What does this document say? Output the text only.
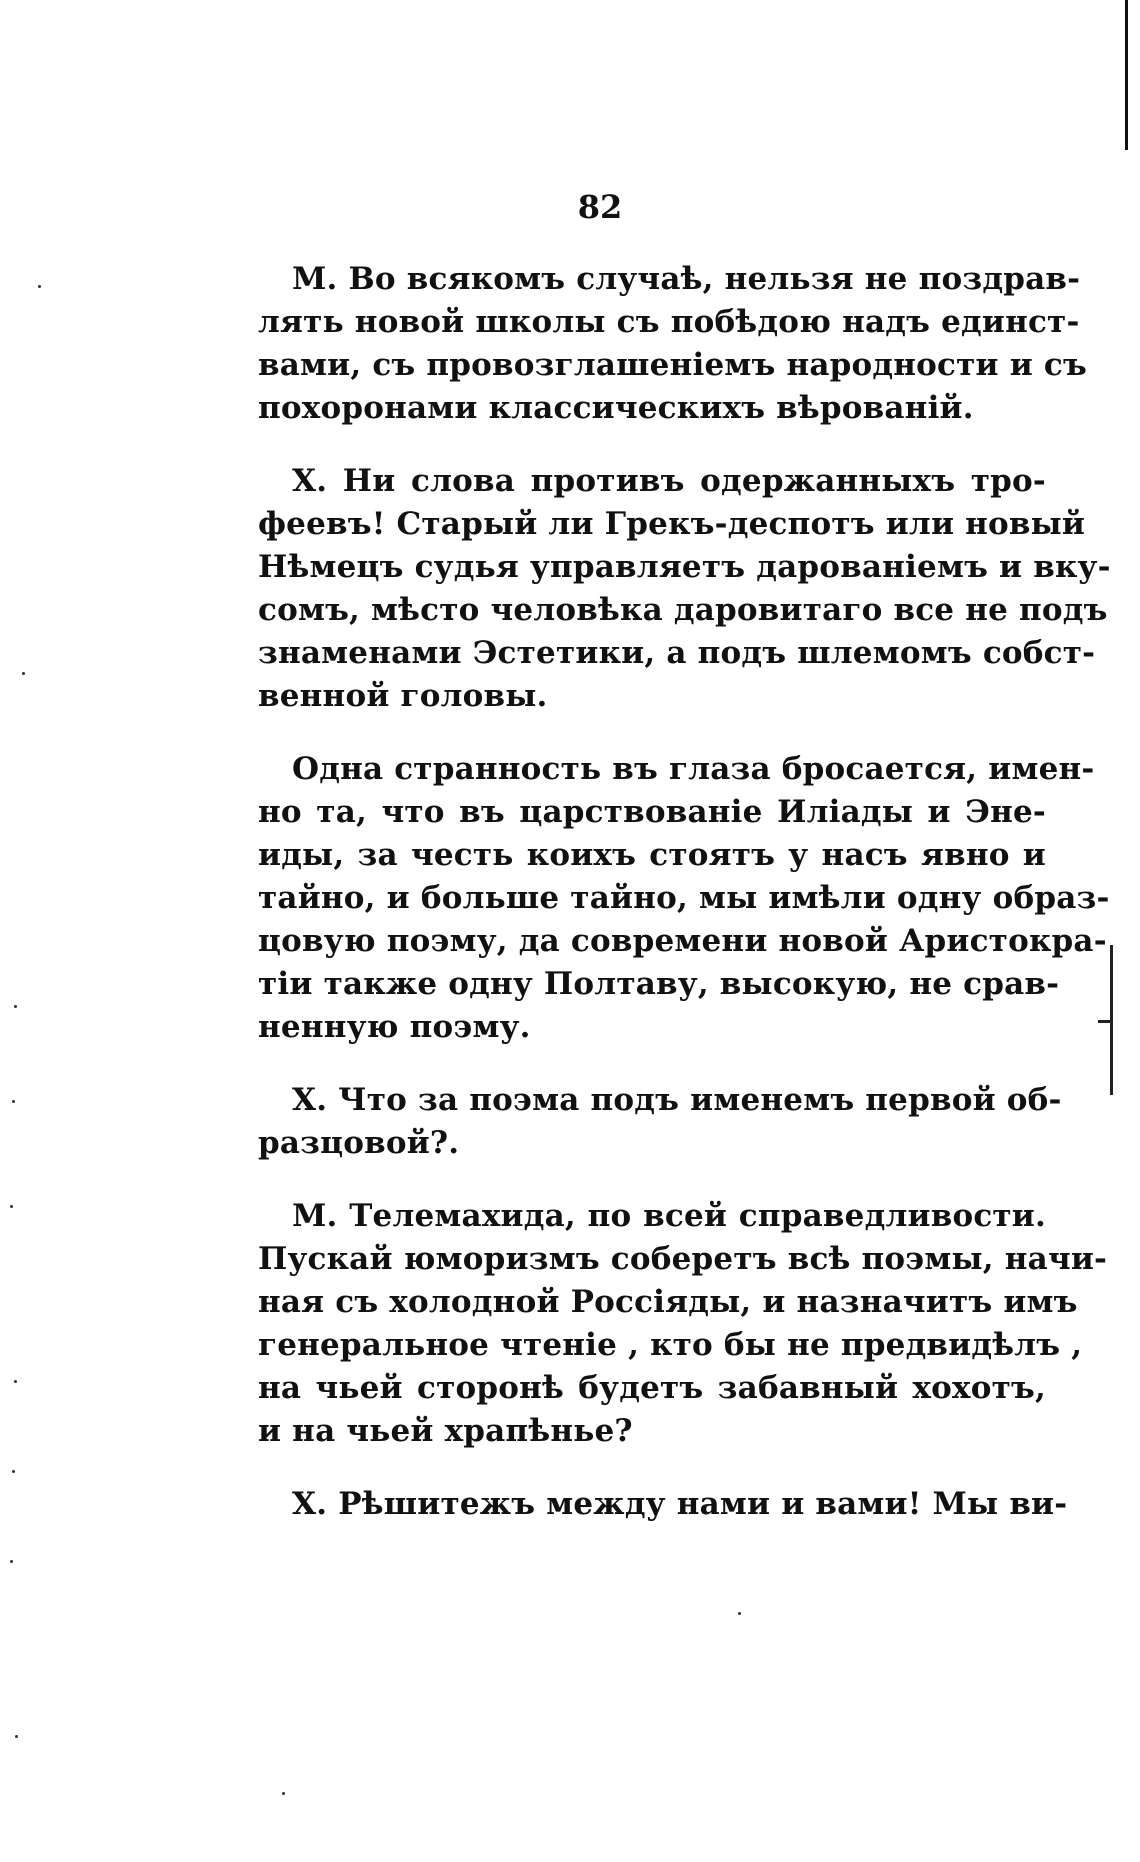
82
М. Во всякомъ случаѣ, нельзя не поздрав-
лять новой школы съ побѣдою надъ единст-
вами, съ провозглашеніемъ народности и съ
похоронами классическихъ вѣрованій.
Х. Ни слова противъ одержанныхъ тро-
феевъ! Старый ли Грекъ-деспотъ или новый
Нѣмецъ судья управляетъ дарованіемъ и вку-
сомъ, мѣсто человѣка даровитаго все не подъ
знаменами Эстетики, а подъ шлемомъ собст-
венной головы.
Одна странность въ глаза бросается, имен-
но та, что въ царствованіе Иліады и Эне-
иды, за честь коихъ стоятъ у насъ явно и
тайно, и больше тайно, мы имѣли одну образ-
цовую поэму, да современи новой Аристокра-
тіи также одну Полтаву, высокую, не срав-
ненную поэму.
Х. Что за поэма подъ именемъ первой об-
разцовой?.
М. Телемахида, по всей справедливости.
Пускай юморизмъ соберетъ всѣ поэмы, начи-
ная съ холодной Россіяды, и назначитъ имъ
генеральное чтеніе , кто бы не предвидѣлъ ,
на чьей сторонѣ будетъ забавный хохотъ,
и на чьей храпѣнье?
Х. Рѣшитежъ между нами и вами! Мы ви-
